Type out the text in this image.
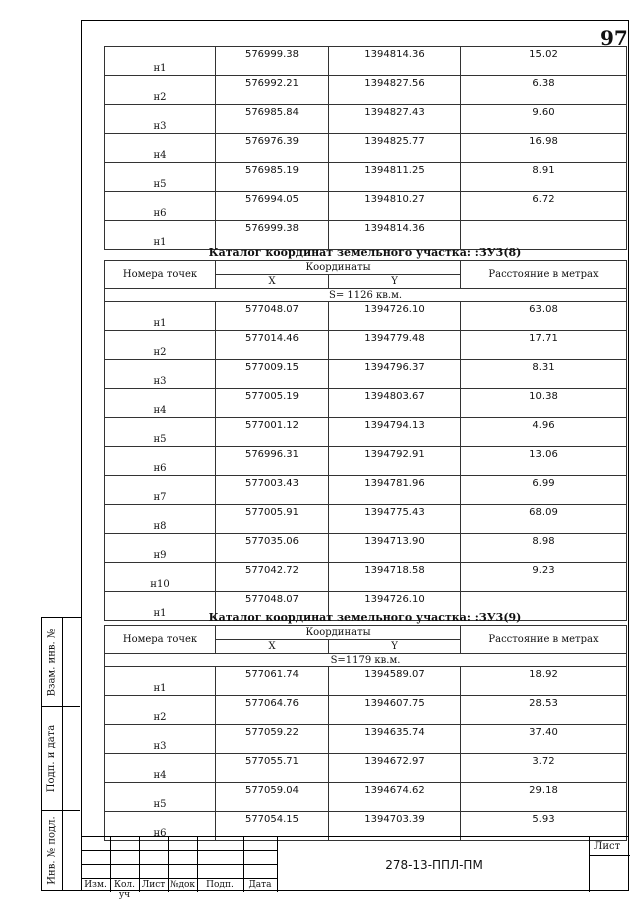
97
Взам. инв. №
Подп. и дата
Инв. № подл.
н1	576999.38	1394814.36	15.02
н2	576992.21	1394827.56	6.38
н3	576985.84	1394827.43	9.60
н4	576976.39	1394825.77	16.98
н5	576985.19	1394811.25	8.91
н6	576994.05	1394810.27	6.72
н1	576999.38	1394814.36	
Каталог координат земельного участка: :ЗУ3(8)
Номера точек	Координаты		Расстояние в метрах
	X	Y	
S= 1126 кв.м.			
н1	577048.07	1394726.10	63.08
н2	577014.46	1394779.48	17.71
н3	577009.15	1394796.37	8.31
н4	577005.19	1394803.67	10.38
н5	577001.12	1394794.13	4.96
н6	576996.31	1394792.91	13.06
н7	577003.43	1394781.96	6.99
н8	577005.91	1394775.43	68.09
н9	577035.06	1394713.90	8.98
н10	577042.72	1394718.58	9.23
н1	577048.07	1394726.10	
Каталог координат земельного участка: :ЗУ3(9)
Номера точек	Координаты		Расстояние в метрах
	X	Y	
S=1179 кв.м.			
н1	577061.74	1394589.07	18.92
н2	577064.76	1394607.75	28.53
н3	577059.22	1394635.74	37.40
н4	577055.71	1394672.97	3.72
н5	577059.04	1394674.62	29.18
н6	577054.15	1394703.39	5.93
Изм. Кол. уч
Лист №док	Подп.	Дата
278-13-ППЛ-ПМ
Лист
